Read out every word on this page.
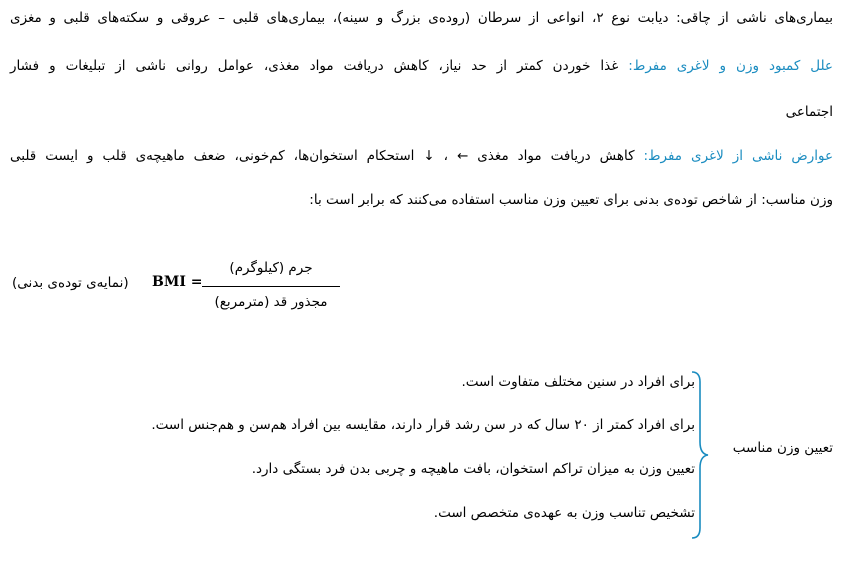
بیماری‌های ناشی از چاقی: دیابت نوع ۲، انواعی از سرطان (روده‌ی بزرگ و سینه)، بیماری‌های قلبی – عروقی و سکته‌های قلبی و مغزی
علل کمبود وزن و لاغری مفرط: غذا خوردن کمتر از حد نیاز، کاهش دریافت مواد مغذی، عوامل روانی ناشی از تبلیغات و فشار
اجتماعی
عوارض ناشی از لاغری مفرط: کاهش دریافت مواد مغذی ← ، ↓ استحکام استخوان‌ها، کم‌خونی، ضعف ماهیچه‌ی قلب و ایست قلبی
وزن مناسب: از شاخص توده‌ی بدنی برای تعیین وزن مناسب استفاده می‌کنند که برابر است با:
(نمایه‌ی توده‌ی بدنی) BMI =
جرم (کیلوگرم)
مجذور قد (مترمربع)
برای افراد در سنین مختلف متفاوت است.
برای افراد کمتر از ۲۰ سال که در سن رشد قرار دارند، مقایسه بین افراد هم‌سن و هم‌جنس است.
تعیین وزن به میزان تراکم استخوان، بافت ماهیچه و چربی بدن فرد بستگی دارد.
تشخیص تناسب وزن به عهده‌ی متخصص است.
تعیین وزن مناسب
